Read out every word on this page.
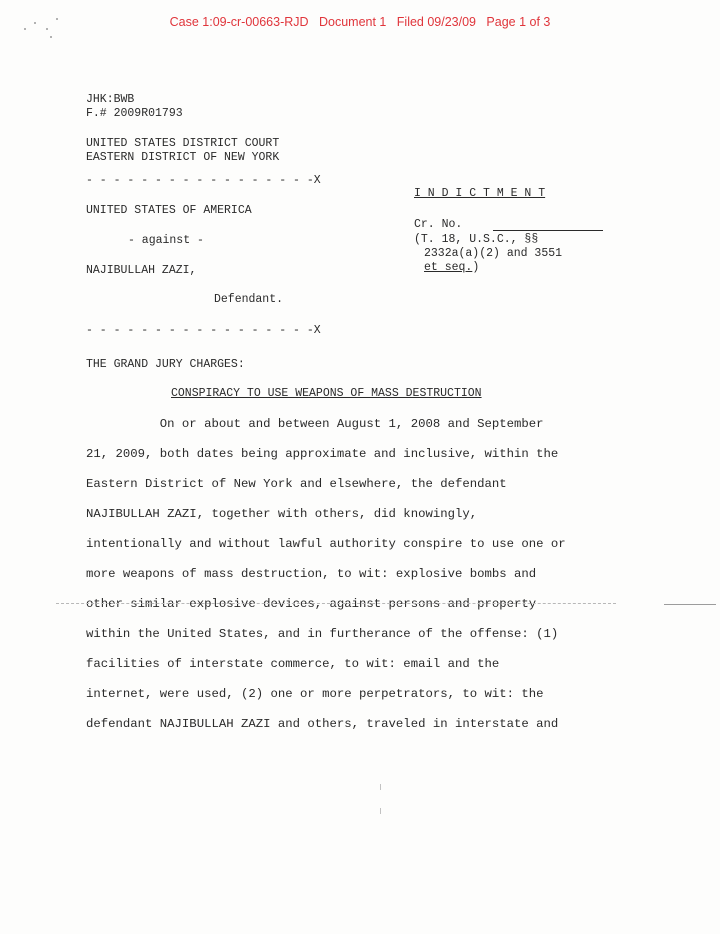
Case 1:09-cr-00663-RJD   Document 1   Filed 09/23/09   Page 1 of 3
JHK:BWB
F.# 2009R01793
UNITED STATES DISTRICT COURT
EASTERN DISTRICT OF NEW YORK
- - - - - - - - - - - - - - - - -X
UNITED STATES OF AMERICA
- against -
NAJIBULLAH ZAZI,
Defendant.
- - - - - - - - - - - - - - - - -X
I N D I C T M E N T
Cr. No.
(T. 18, U.S.C., §§
2332a(a)(2) and 3551
et seq.)
THE GRAND JURY CHARGES:
CONSPIRACY TO USE WEAPONS OF MASS DESTRUCTION
On or about and between August 1, 2008 and September
21, 2009, both dates being approximate and inclusive, within the
Eastern District of New York and elsewhere, the defendant
NAJIBULLAH ZAZI, together with others, did knowingly,
intentionally and without lawful authority conspire to use one or
more weapons of mass destruction, to wit: explosive bombs and
other similar explosive devices, against persons and property
within the United States, and in furtherance of the offense: (1)
facilities of interstate commerce, to wit: email and the
internet, were used, (2) one or more perpetrators, to wit: the
defendant NAJIBULLAH ZAZI and others, traveled in interstate and
